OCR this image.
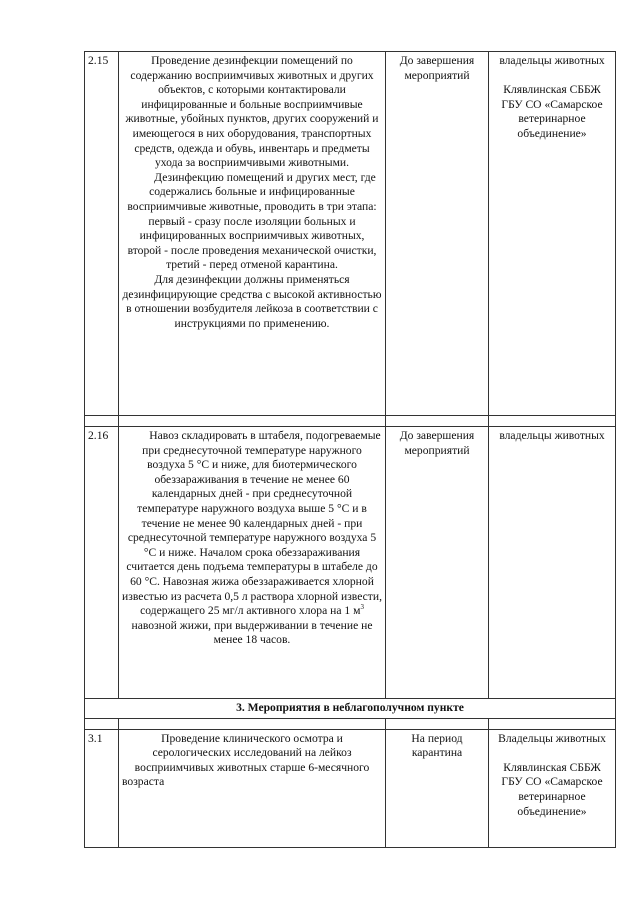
2.15	Проведение дезинфекции помещений по содержанию восприимчивых животных и других объектов, с которыми контактировали инфицированные и больные восприимчивые животные, убойных пунктов, других сооружений и имеющегося в них оборудования, транспортных средств, одежда и обувь, инвентарь и предметы ухода за восприимчивыми животными.
Дезинфекцию помещений и других мест, где содержались больные и инфицированные восприимчивые животные, проводить в три этапа: первый - сразу после изоляции больных и инфицированных восприимчивых животных, второй - после проведения механической очистки, третий - перед отменой карантина.
Для дезинфекции должны применяться дезинфицирующие средства с высокой активностью в отношении возбудителя лейкоза в соответствии с инструкциями по применению.	До завершения мероприятий	владельцы животных
Клявлинская СББЖ ГБУ СО «Самарское ветеринарное объединение»

2.16	Навоз складировать в штабеля, подогреваемые при среднесуточной температуре наружного воздуха 5 °С и ниже, для биотермического обеззараживания в течение не менее 60 календарных дней - при среднесуточной температуре наружного воздуха выше 5 °С и в течение не менее 90 календарных дней - при среднесуточной температуре наружного воздуха 5 °С и ниже. Началом срока обеззараживания считается день подъема температуры в штабеле до 60 °С. Навозная жижа обеззараживается хлорной известью из расчета 0,5 л раствора хлорной извести, содержащего 25 мг/л активного хлора на 1 $м^3$ навозной жижи, при выдерживании в течение не менее 18 часов.	До завершения мероприятий	владельцы животных

3. Мероприятия в неблагополучном пункте			

3.1	Проведение клинического осмотра и серологических исследований на лейкоз восприимчивых животных старше 6-месячного возраста	На период карантина	Владельцы животных
Клявлинская СББЖ ГБУ СО «Самарское ветеринарное объединение»
